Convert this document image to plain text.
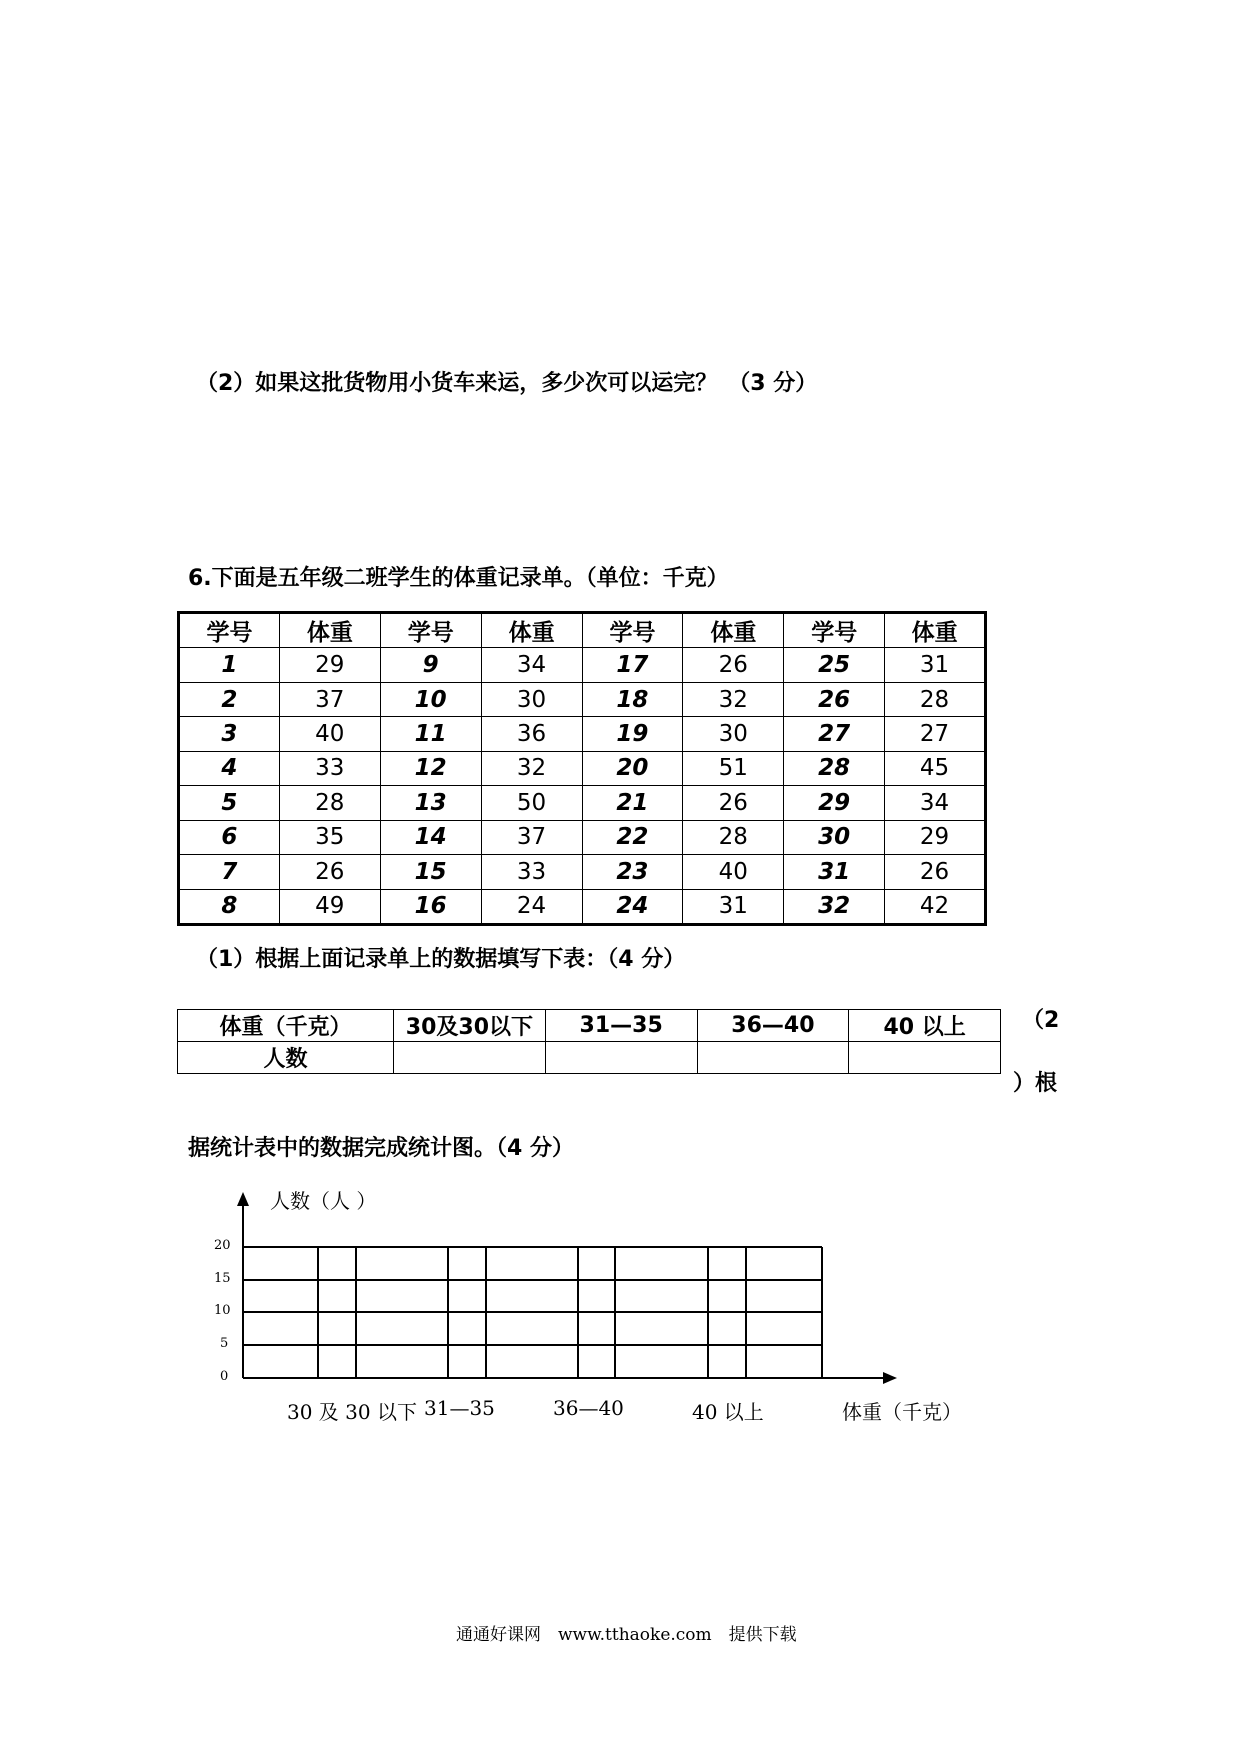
（2）如果这批货物用小货车来运，多少次可以运完？　（3 分）
6.下面是五年级二班学生的体重记录单。（单位：千克）
学号	体重	学号	体重	学号	体重	学号	体重
1	29	9	34	17	26	25	31
2	37	10	30	18	32	26	28
3	40	11	36	19	30	27	27
4	33	12	32	20	51	28	45
5	28	13	50	21	26	29	34
6	35	14	37	22	28	30	29
7	26	15	33	23	40	31	26
8	49	16	24	24	31	32	42
（1）根据上面记录单上的数据填写下表：（4 分）
体重（千克）	30及30以下	31—35	36—40	40 以上
人数				
（2
）根
据统计表中的数据完成统计图。（4 分）
人数（人 ）
20
15
10
5
0
30 及 30 以下 31—35	36—40	40 以上	体重（千克）
通通好课网　www.tthaoke.com　提供下载
